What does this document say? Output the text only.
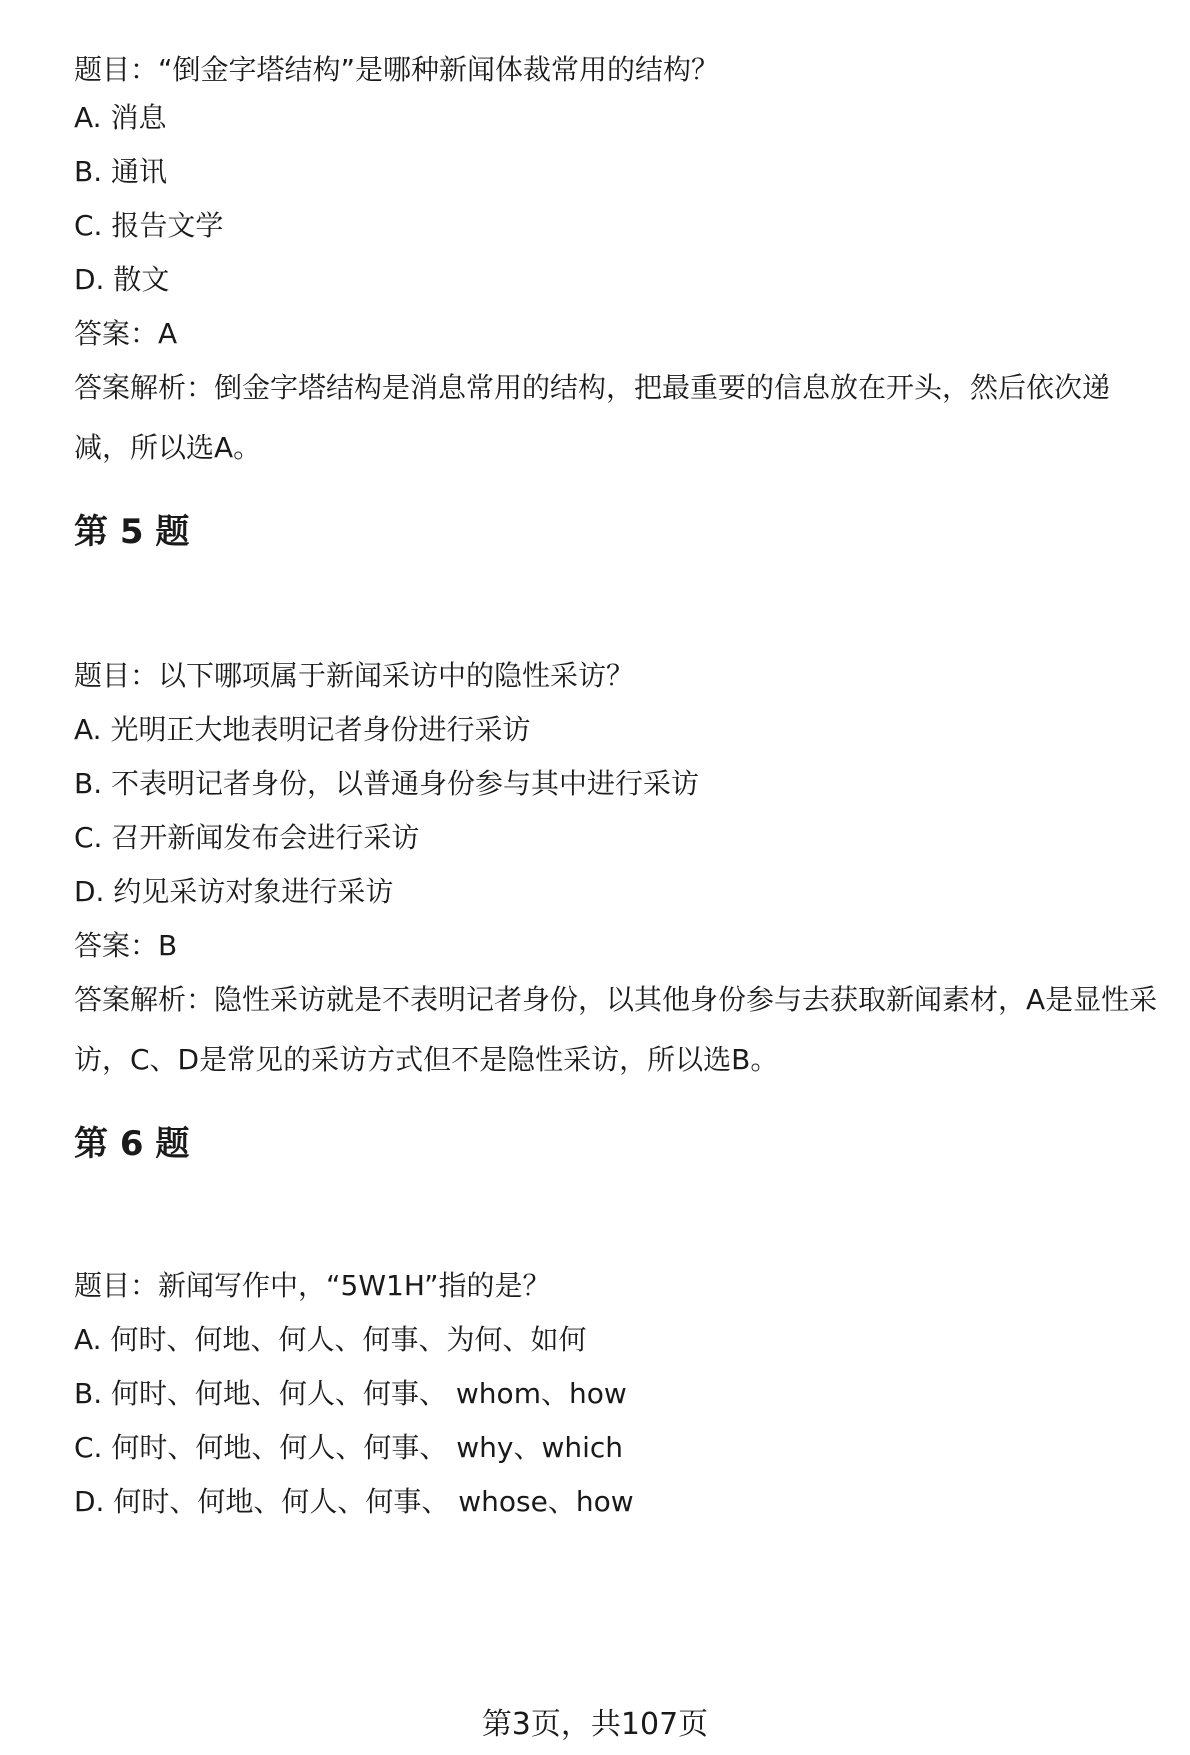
题目：“倒金字塔结构”是哪种新闻体裁常用的结构？
A. 消息
B. 通讯
C. 报告文学
D. 散文
答案：A
答案解析：倒金字塔结构是消息常用的结构，把最重要的信息放在开头，然后依次递减，所以选A。
第 5 题
题目：以下哪项属于新闻采访中的隐性采访？
A. 光明正大地表明记者身份进行采访
B. 不表明记者身份，以普通身份参与其中进行采访
C. 召开新闻发布会进行采访
D. 约见采访对象进行采访
答案：B
答案解析：隐性采访就是不表明记者身份，以其他身份参与去获取新闻素材，A是显性采访，C、D是常见的采访方式但不是隐性采访，所以选B。
第 6 题
题目：新闻写作中，“5W1H”指的是？
A. 何时、何地、何人、何事、为何、如何
B. 何时、何地、何人、何事、 whom、how
C. 何时、何地、何人、何事、 why、which
D. 何时、何地、何人、何事、 whose、how
第3页，共107页
